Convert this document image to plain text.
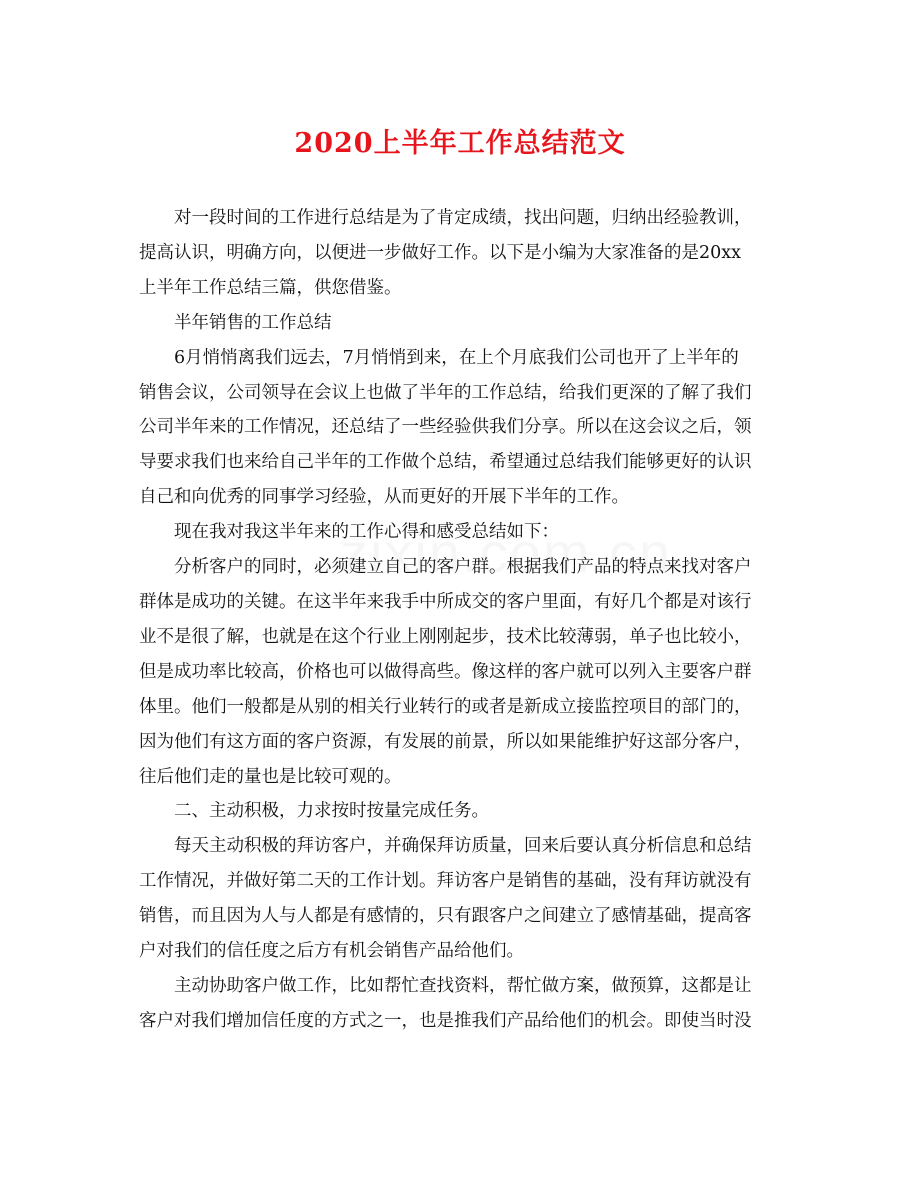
2020上半年工作总结范文

对一段时间的工作进行总结是为了肯定成绩，找出问题，归纳出经验教训，
提高认识，明确方向，以便进一步做好工作。以下是小编为大家准备的是20xx
上半年工作总结三篇，供您借鉴。

半年销售的工作总结

6月悄悄离我们远去，7月悄悄到来，在上个月底我们公司也开了上半年的
销售会议，公司领导在会议上也做了半年的工作总结，给我们更深的了解了我们
公司半年来的工作情况，还总结了一些经验供我们分享。所以在这会议之后，领
导要求我们也来给自己半年的工作做个总结，希望通过总结我们能够更好的认识
自己和向优秀的同事学习经验，从而更好的开展下半年的工作。

现在我对我这半年来的工作心得和感受总结如下：

分析客户的同时，必须建立自己的客户群。根据我们产品的特点来找对客户
群体是成功的关键。在这半年来我手中所成交的客户里面，有好几个都是对该行
业不是很了解，也就是在这个行业上刚刚起步，技术比较薄弱，单子也比较小，
但是成功率比较高，价格也可以做得高些。像这样的客户就可以列入主要客户群
体里。他们一般都是从别的相关行业转行的或者是新成立接监控项目的部门的，
因为他们有这方面的客户资源，有发展的前景，所以如果能维护好这部分客户，
往后他们走的量也是比较可观的。

二、主动积极，力求按时按量完成任务。

每天主动积极的拜访客户，并确保拜访质量，回来后要认真分析信息和总结
工作情况，并做好第二天的工作计划。拜访客户是销售的基础，没有拜访就没有
销售，而且因为人与人都是有感情的，只有跟客户之间建立了感情基础，提高客
户对我们的信任度之后方有机会销售产品给他们。

主动协助客户做工作，比如帮忙查找资料，帮忙做方案，做预算，这都是让
客户对我们增加信任度的方式之一，也是推我们产品给他们的机会。即使当时没
